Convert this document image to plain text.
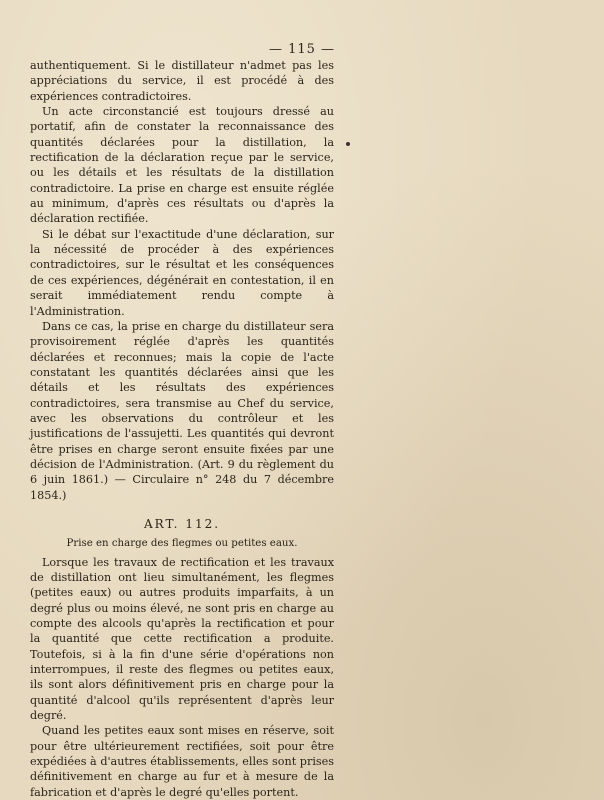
— 115 —

authentiquement. Si le distillateur n'admet pas les appréciations du service, il est procédé à des expériences contradictoires.

Un acte circonstancié est toujours dressé au portatif, afin de constater la reconnaissance des quantités déclarées pour la distillation, la rectification de la déclaration reçue par le service, ou les détails et les résultats de la distillation contradictoire. La prise en charge est ensuite réglée au minimum, d'après ces résultats ou d'après la déclaration rectifiée.

Si le débat sur l'exactitude d'une déclaration, sur la nécessité de procéder à des expériences contradictoires, sur le résultat et les conséquences de ces expériences, dégénérait en contestation, il en serait immédiatement rendu compte à l'Administration.

Dans ce cas, la prise en charge du distillateur sera provisoirement réglée d'après les quantités déclarées et reconnues; mais la copie de l'acte constatant les quantités déclarées ainsi que les détails et les résultats des expériences contradictoires, sera transmise au Chef du service, avec les observations du contrôleur et les justifications de l'assujetti. Les quantités qui devront être prises en charge seront ensuite fixées par une décision de l'Administration. (Art. 9 du règlement du 6 juin 1861.) — Circulaire n° 248 du 7 décembre 1854.)

ART. 112.
Prise en charge des flegmes ou petites eaux.

Lorsque les travaux de rectification et les travaux de distillation ont lieu simultanément, les flegmes (petites eaux) ou autres produits imparfaits, à un degré plus ou moins élevé, ne sont pris en charge au compte des alcools qu'après la rectification et pour la quantité que cette rectification a produite. Toutefois, si à la fin d'une série d'opérations non interrompues, il reste des flegmes ou petites eaux, ils sont alors définitivement pris en charge pour la quantité d'alcool qu'ils représentent d'après leur degré.

Quand les petites eaux sont mises en réserve, soit pour être ultérieurement rectifiées, soit pour être expédiées à d'autres établissements, elles sont prises définitivement en charge au fur et à mesure de la fabrication et d'après le degré qu'elles portent.
